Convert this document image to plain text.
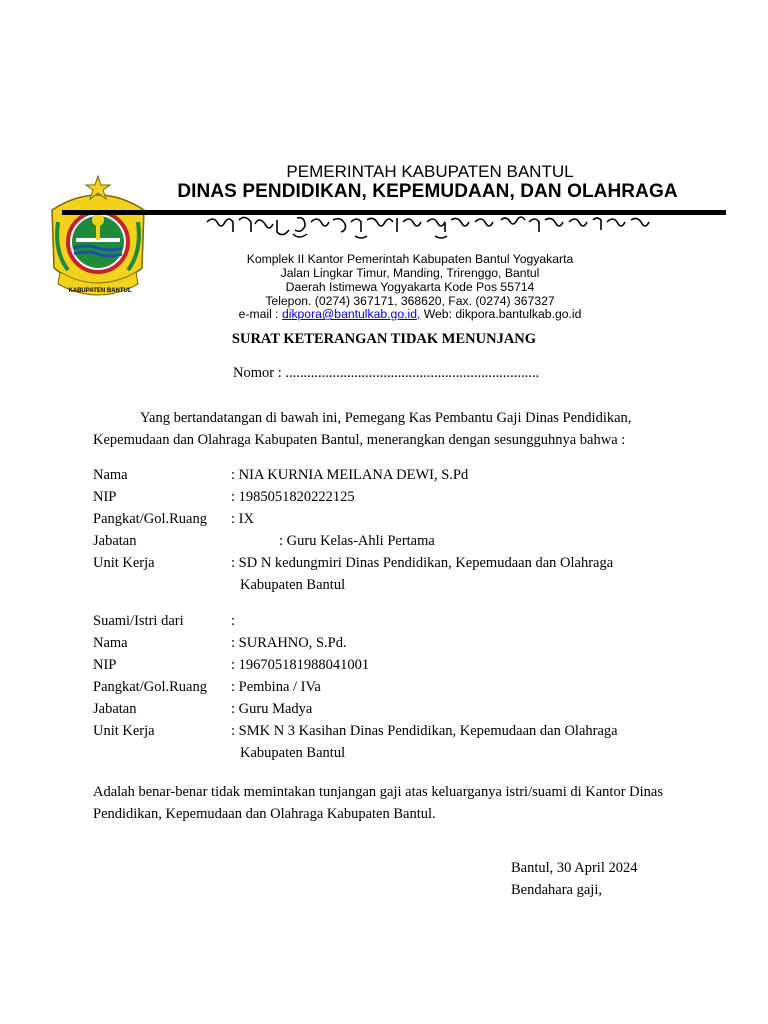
KABUPATEN BANTUL
PEMERINTAH KABUPATEN BANTUL
DINAS PENDIDIKAN, KEPEMUDAAN, DAN OLAHRAGA
Komplek II Kantor Pemerintah Kabupaten Bantul Yogyakarta
Jalan Lingkar Timur, Manding, Trirenggo, Bantul
Daerah Istimewa Yogyakarta Kode Pos 55714
Telepon. (0274) 367171, 368620, Fax. (0274) 367327
e-mail : dikpora@bantulkab.go.id, Web: dikpora.bantulkab.go.id
SURAT KETERANGAN TIDAK MENUNJANG
Nomor : ......................................................................
Yang bertandatangan di bawah ini, Pemegang Kas Pembantu Gaji Dinas Pendidikan,
Kepemudaan dan Olahraga Kabupaten Bantul, menerangkan dengan sesungguhnya bahwa :
Nama	: NIA KURNIA MEILANA DEWI, S.Pd
NIP	: 1985051820222125
Pangkat/Gol.Ruang : IX
Jabatan	: Guru Kelas-Ahli Pertama
Unit Kerja	: SD N kedungmiri Dinas Pendidikan, Kepemudaan dan Olahraga
Kabupaten Bantul
Suami/Istri dari	:
Nama	: SURAHNO, S.Pd.
NIP	: 196705181988041001
Pangkat/Gol.Ruang : Pembina / IVa
Jabatan	: Guru Madya
Unit Kerja	: SMK N 3 Kasihan Dinas Pendidikan, Kepemudaan dan Olahraga
Kabupaten Bantul
Adalah benar-benar tidak memintakan tunjangan gaji atas keluarganya istri/suami di Kantor Dinas
Pendidikan, Kepemudaan dan Olahraga Kabupaten Bantul.
Bantul, 30 April 2024
Bendahara gaji,
